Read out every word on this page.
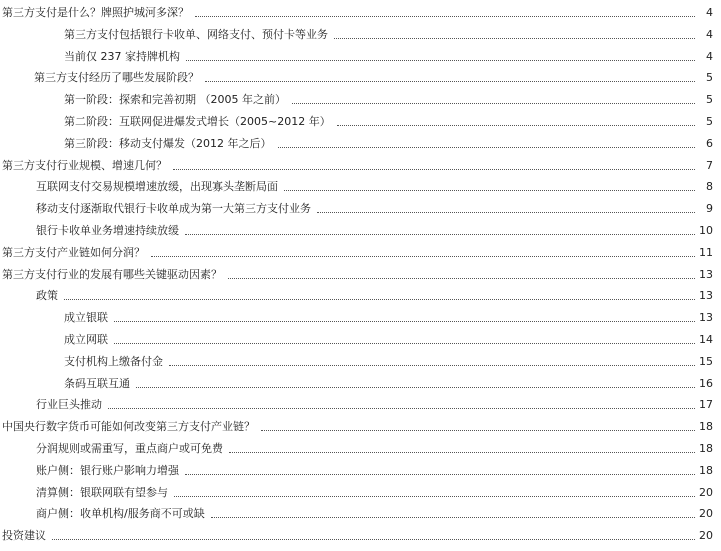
第三方支付是什么？牌照护城河多深？	4
第三方支付包括银行卡收单、网络支付、预付卡等业务	4
当前仅 237 家持牌机构	4
第三方支付经历了哪些发展阶段？	5
第一阶段：探索和完善初期 （2005 年之前）	5
第二阶段：互联网促进爆发式增长（2005~2012 年）	5
第三阶段：移动支付爆发（2012 年之后）	6
第三方支付行业规模、增速几何？	7
互联网支付交易规模增速放缓，出现寡头垄断局面	8
移动支付逐渐取代银行卡收单成为第一大第三方支付业务	9
银行卡收单业务增速持续放缓	10
第三方支付产业链如何分润？	11
第三方支付行业的发展有哪些关键驱动因素？	13
政策	13
成立银联	13
成立网联	14
支付机构上缴备付金	15
条码互联互通	16
行业巨头推动	17
中国央行数字货币可能如何改变第三方支付产业链？	18
分润规则或需重写，重点商户或可免费	18
账户侧：银行账户影响力增强	18
清算侧：银联网联有望参与	20
商户侧：收单机构/服务商不可或缺	20
投资建议	20
